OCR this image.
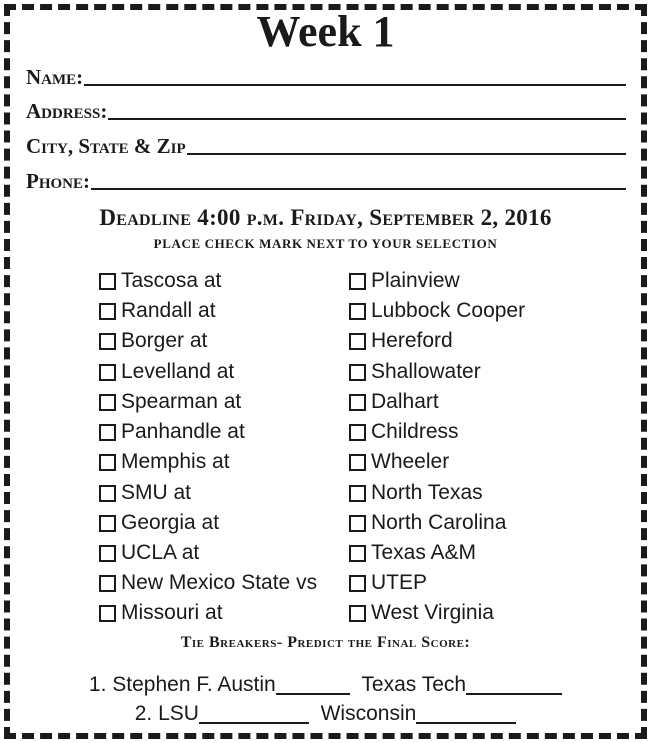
Week 1
Name:
Address:
City, State & Zip
Phone:
Deadline 4:00 p.m. Friday, September 2, 2016
PLACE CHECK MARK NEXT TO YOUR SELECTION
Tascosa at
Randall at
Borger at
Levelland at
Spearman at
Panhandle at
Memphis at
SMU at
Georgia at
UCLA at
New Mexico State vs
Missouri at
Plainview
Lubbock Cooper
Hereford
Shallowater
Dalhart
Childress
Wheeler
North Texas
North Carolina
Texas A&M
UTEP
West Virginia
Tie Breakers- Predict the Final Score:
1.
Stephen F. Austin
	Texas Tech
2.
LSU
	Wisconsin
